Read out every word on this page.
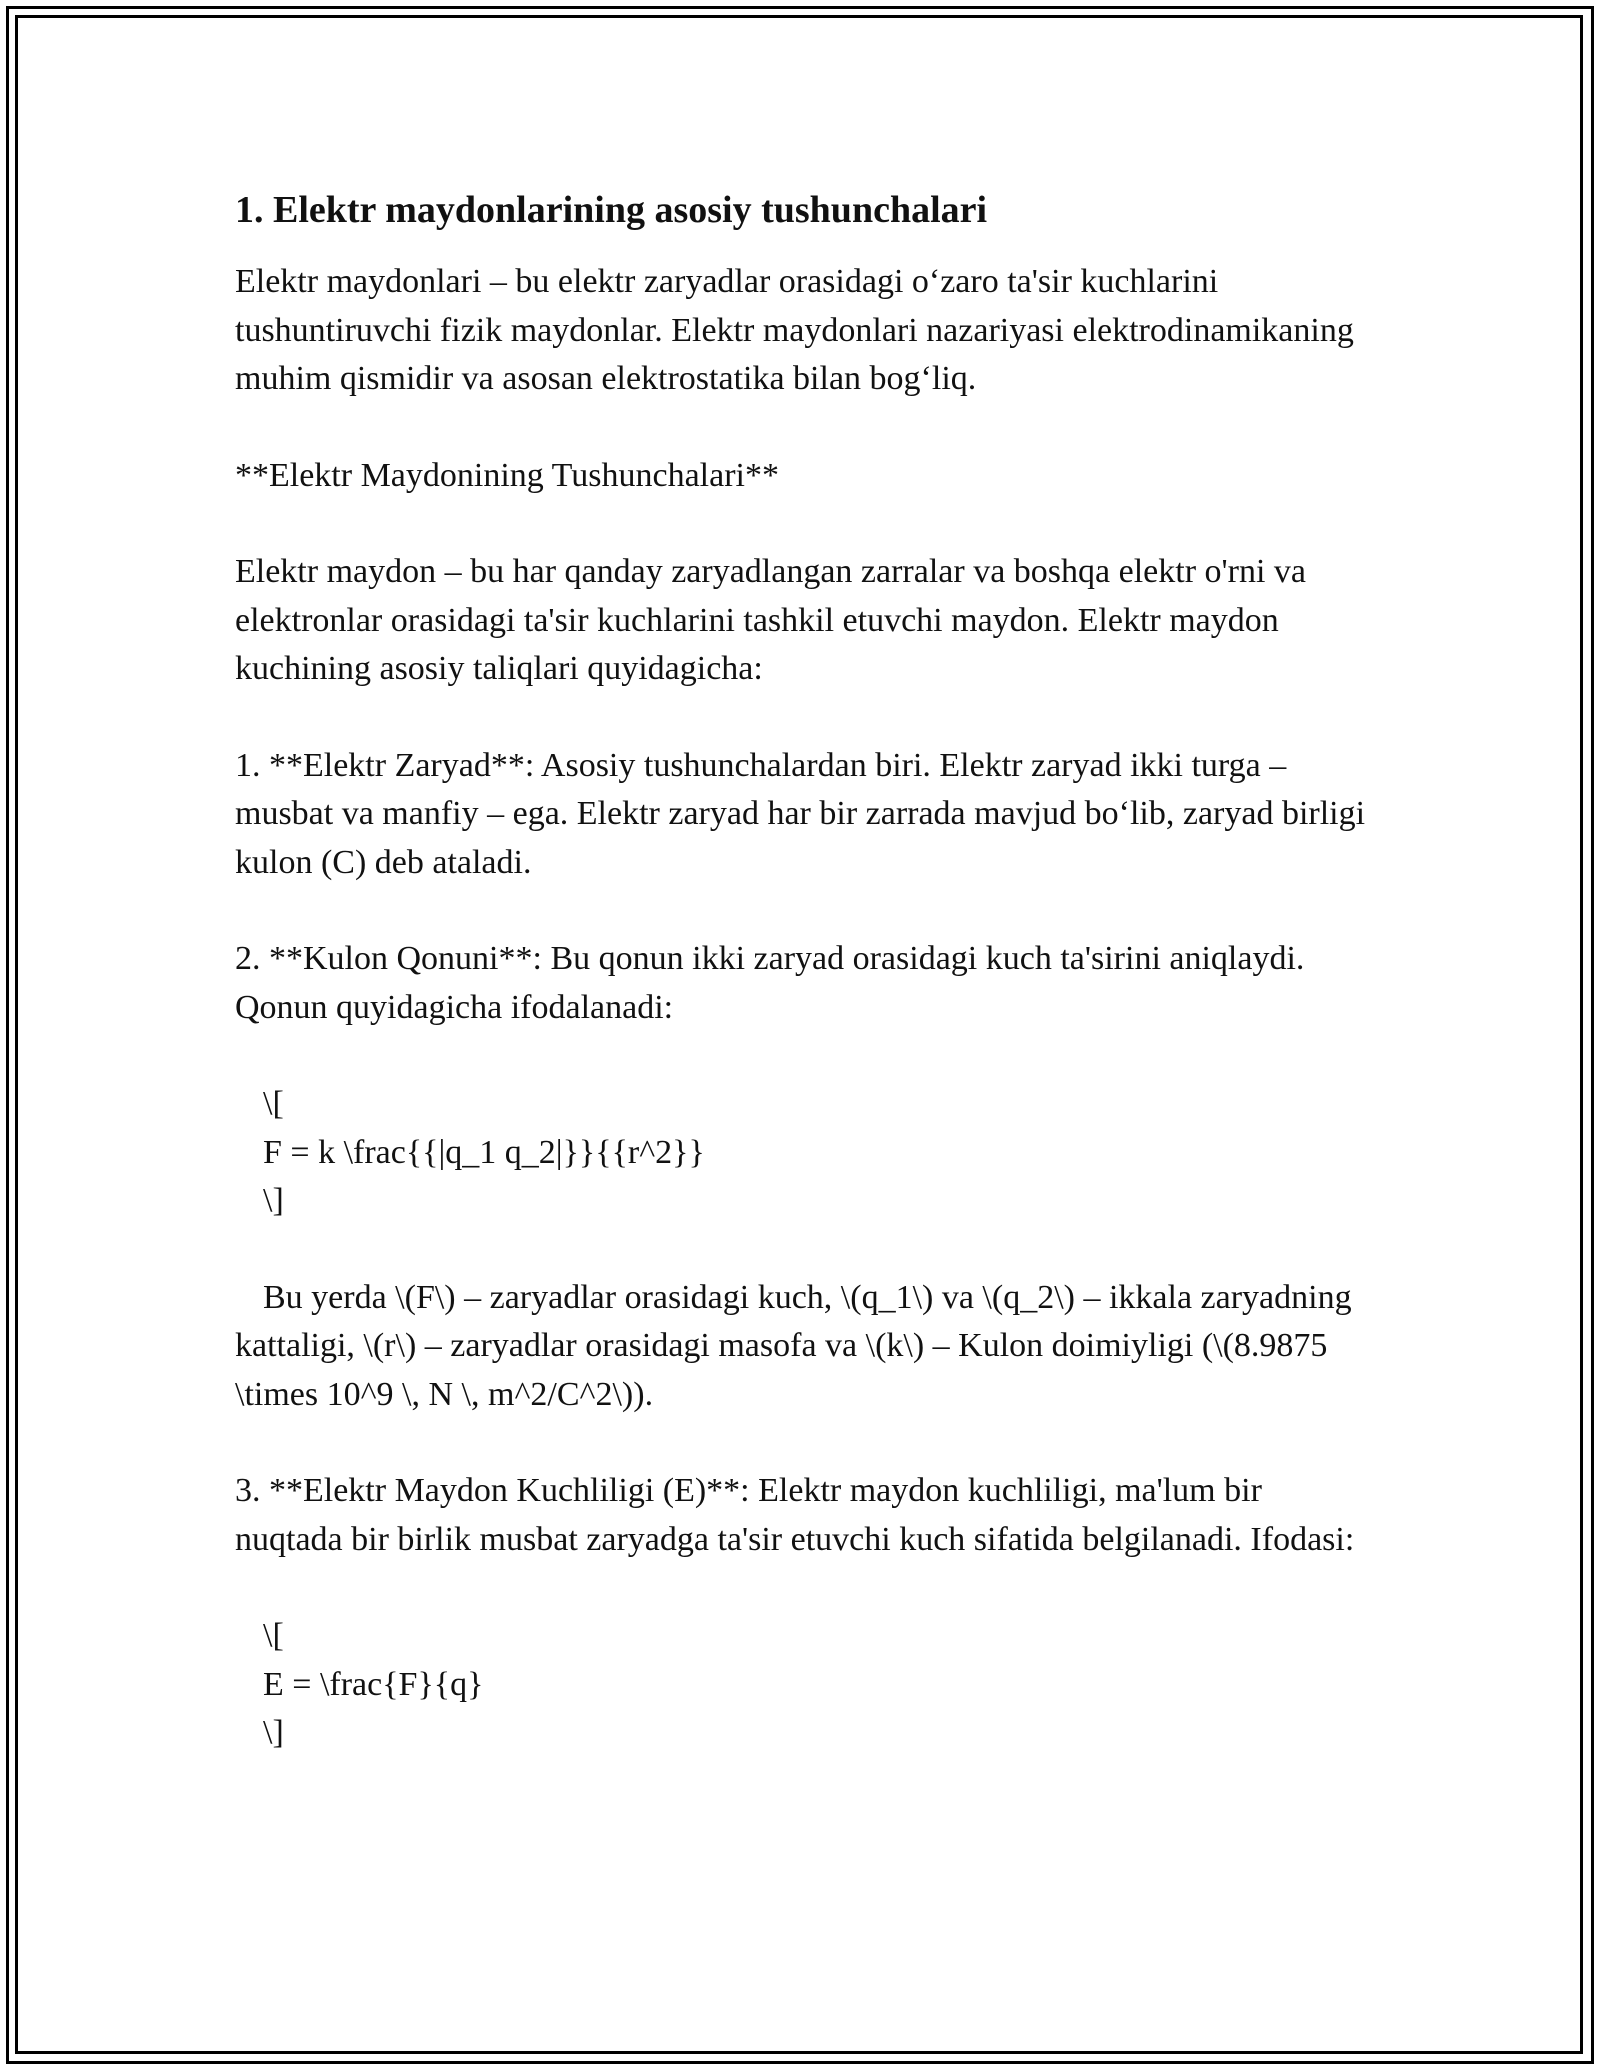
1. Elektr maydonlarining asosiy tushunchalari

Elektr maydonlari – bu elektr zaryadlar orasidagi o‘zaro ta'sir kuchlarini tushuntiruvchi fizik maydonlar. Elektr maydonlari nazariyasi elektrodinamikaning muhim qismidir va asosan elektrostatika bilan bog‘liq.

**Elektr Maydonining Tushunchalari**

Elektr maydon – bu har qanday zaryadlangan zarralar va boshqa elektr o'rni va elektronlar orasidagi ta'sir kuchlarini tashkil etuvchi maydon. Elektr maydon kuchining asosiy taliqlari quyidagicha:

1. **Elektr Zaryad**: Asosiy tushunchalardan biri. Elektr zaryad ikki turga – musbat va manfiy – ega. Elektr zaryad har bir zarrada mavjud bo‘lib, zaryad birligi kulon (C) deb ataladi.

2. **Kulon Qonuni**: Bu qonun ikki zaryad orasidagi kuch ta'sirini aniqlaydi. Qonun quyidagicha ifodalanadi:

\[
F = k \frac{{|q_1 q_2|}}{{r^2}}
\]

Bu yerda \(F\) – zaryadlar orasidagi kuch, \(q_1\) va \(q_2\) – ikkala zaryadning kattaligi, \(r\) – zaryadlar orasidagi masofa va \(k\) – Kulon doimiyligi (\(8.9875 \times 10^9 \, N \, m^2/C^2\)).

3. **Elektr Maydon Kuchliligi (E)**: Elektr maydon kuchliligi, ma'lum bir nuqtada bir birlik musbat zaryadga ta'sir etuvchi kuch sifatida belgilanadi. Ifodasi:

\[
E = \frac{F}{q}
\]
